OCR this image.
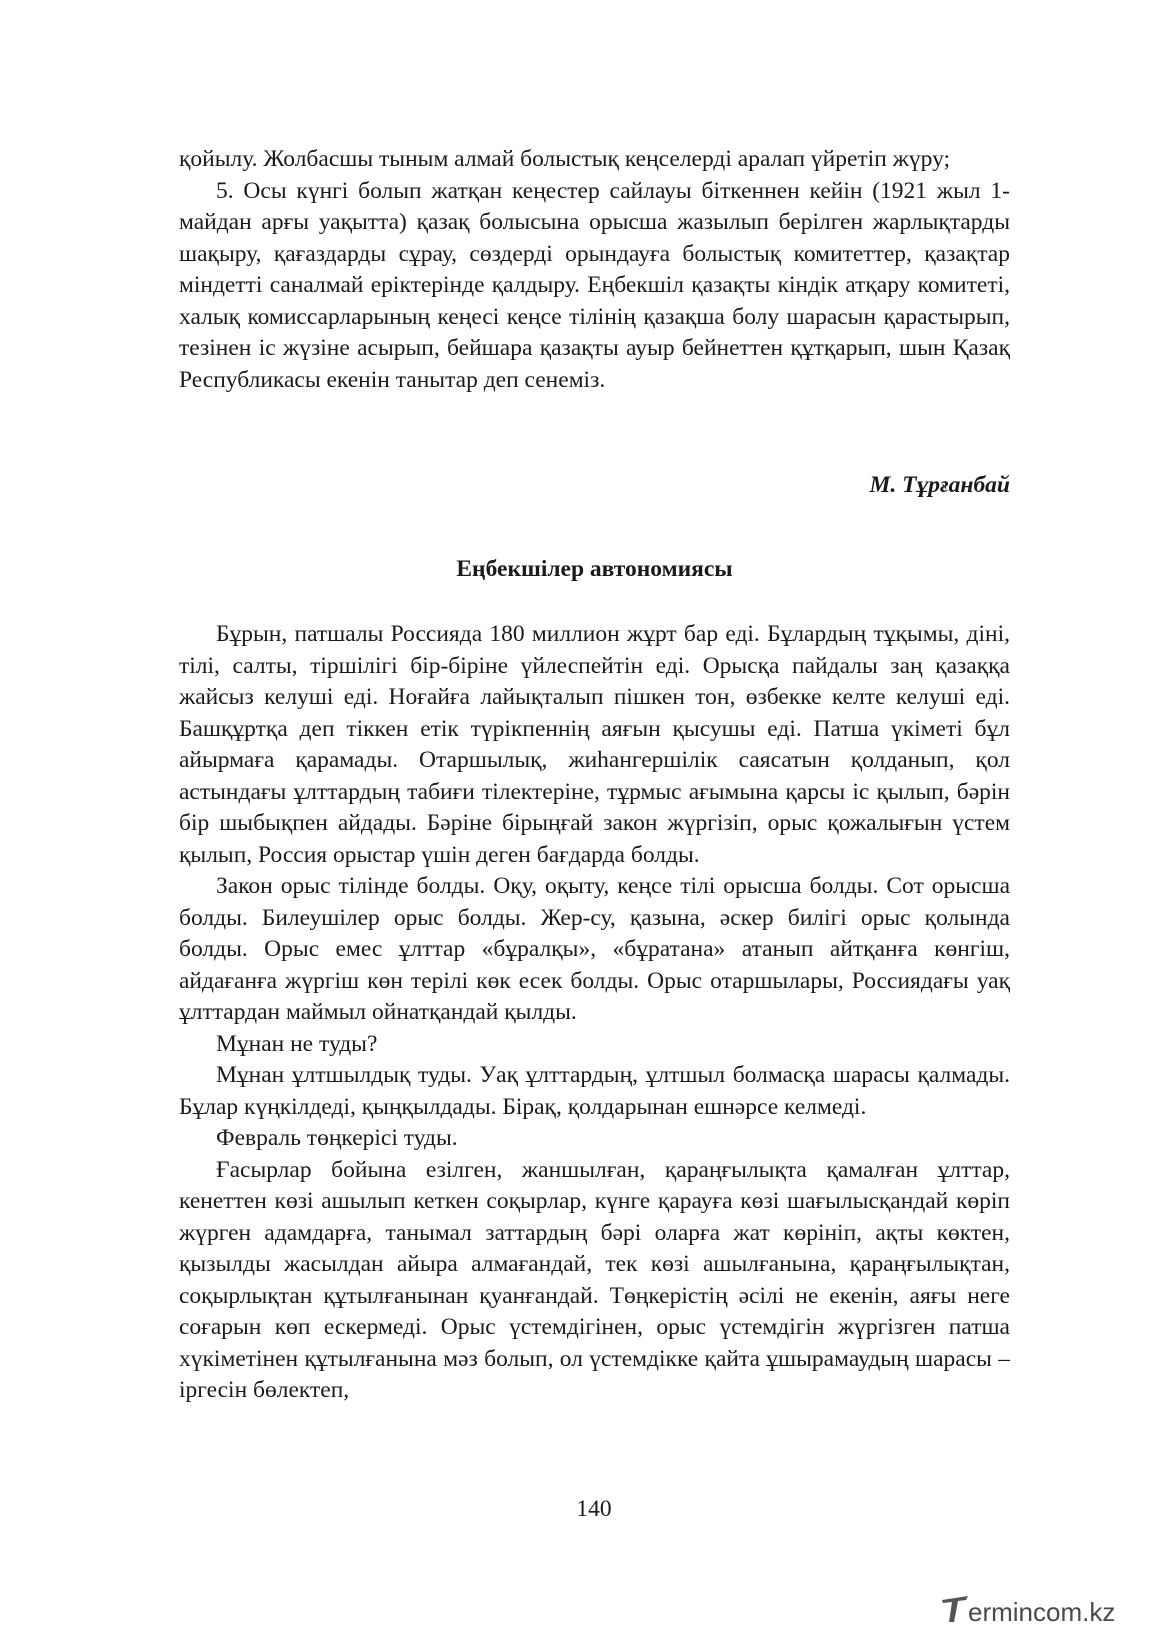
қойылу. Жолбасшы тыным алмай болыстық кеңселерді аралап үйретіп жүру;

5. Осы күнгі болып жатқан кеңестер сайлауы біткеннен кейін (1921 жыл 1-майдан арғы уақытта) қазақ болысына орысша жазылып берілген жарлықтарды шақыру, қағаздарды сұрау, сөздерді орындауға болыстық комитеттер, қазақтар міндетті саналмай еріктерінде қалдыру. Еңбекшіл қазақты кіндік атқару комитеті, халық комиссарларының кеңесі кеңсе тілінің қазақша болу шарасын қарастырып, тезінен іс жүзіне асырып, бейшара қазақты ауыр бейнеттен құтқарып, шын Қазақ Республикасы екенін танытар деп сенеміз.

М. Тұрғанбай
Еңбекшілер автономиясы

Бұрын, патшалы Россияда 180 миллион жұрт бар еді. Бұлардың тұқымы, діні, тілі, салты, тіршілігі бір-біріне үйлеспейтін еді. Орысқа пайдалы заң қазаққа жайсыз келуші еді. Ноғайға лайықталып пішкен тон, өзбекке келте келуші еді. Башқұртқа деп тіккен етік түрікпеннің аяғын қысушы еді. Патша үкіметі бұл айырмаға қарамады. Отаршылық, жиһангершілік саясатын қолданып, қол астындағы ұлттардың табиғи тілектеріне, тұрмыс ағымына қарсы іс қылып, бәрін бір шыбықпен айдады. Бәріне бірыңғай закон жүргізіп, орыс қожалығын үстем қылып, Россия орыстар үшін деген бағдарда болды.

Закон орыс тілінде болды. Оқу, оқыту, кеңсе тілі орысша болды. Сот орысша болды. Билеушілер орыс болды. Жер-су, қазына, әскер билігі орыс қолында болды. Орыс емес ұлттар «бұралқы», «бұратана» атанып айтқанға көнгіш, айдағанға жүргіш көн терілі көк есек болды. Орыс отаршылары, Россиядағы уақ ұлттардан маймыл ойнатқандай қылды.

Мұнан не туды?

Мұнан ұлтшылдық туды. Уақ ұлттардың, ұлтшыл болмасқа шарасы қалмады. Бұлар күңкілдеді, қыңқылдады. Бірақ, қолдарынан ешнәрсе келмеді.

Февраль төңкерісі туды.

Ғасырлар бойына езілген, жаншылған, қараңғылықта қамалған ұлттар, кенеттен көзі ашылып кеткен соқырлар, күнге қарауға көзі шағылысқандай көріп жүрген адамдарға, танымал заттардың бәрі оларға жат көрініп, ақты көктен, қызылды жасылдан айыра алмағандай, тек көзі ашылғанына, қараңғылықтан, соқырлықтан құтылғанынан қуанғандай. Төңкерістің әсілі не екенін, аяғы неге соғарын көп ескермеді. Орыс үстемдігінен, орыс үстемдігін жүргізген патша хүкіметінен құтылғанына мәз болып, ол үстемдікке қайта ұшырамаудың шарасы – іргесін бөлектеп,

140
ermincom.kz
